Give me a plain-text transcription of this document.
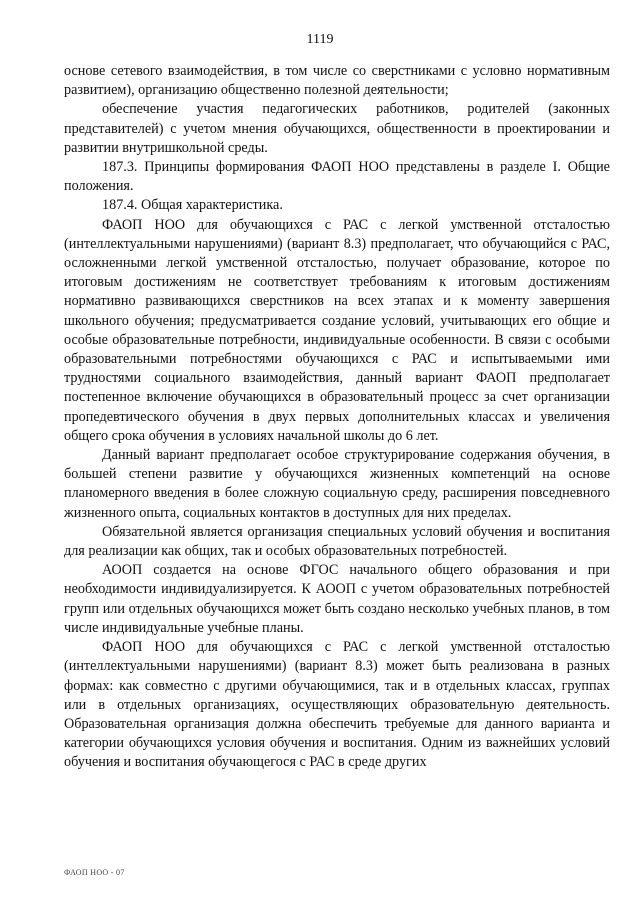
1119

основе сетевого взаимодействия, в том числе со сверстниками с условно нормативным развитием), организацию общественно полезной деятельности;

обеспечение участия педагогических работников, родителей (законных представителей) с учетом мнения обучающихся, общественности в проектировании и развитии внутришкольной среды.

187.3. Принципы формирования ФАОП НОО представлены в разделе I. Общие положения.

187.4. Общая характеристика.

ФАОП НОО для обучающихся с РАС с легкой умственной отсталостью (интеллектуальными нарушениями) (вариант 8.3) предполагает, что обучающийся с РАС, осложненными легкой умственной отсталостью, получает образование, которое по итоговым достижениям не соответствует требованиям к итоговым достижениям нормативно развивающихся сверстников на всех этапах и к моменту завершения школьного обучения; предусматривается создание условий, учитывающих его общие и особые образовательные потребности, индивидуальные особенности. В связи с особыми образовательными потребностями обучающихся с РАС и испытываемыми ими трудностями социального взаимодействия, данный вариант ФАОП предполагает постепенное включение обучающихся в образовательный процесс за счет организации пропедевтического обучения в двух первых дополнительных классах и увеличения общего срока обучения в условиях начальной школы до 6 лет.

Данный вариант предполагает особое структурирование содержания обучения, в большей степени развитие у обучающихся жизненных компетенций на основе планомерного введения в более сложную социальную среду, расширения повседневного жизненного опыта, социальных контактов в доступных для них пределах.

Обязательной является организация специальных условий обучения и воспитания для реализации как общих, так и особых образовательных потребностей.

АООП создается на основе ФГОС начального общего образования и при необходимости индивидуализируется. К АООП с учетом образовательных потребностей групп или отдельных обучающихся может быть создано несколько учебных планов, в том числе индивидуальные учебные планы.

ФАОП НОО для обучающихся с РАС с легкой умственной отсталостью (интеллектуальными нарушениями) (вариант 8.3) может быть реализована в разных формах: как совместно с другими обучающимися, так и в отдельных классах, группах или в отдельных организациях, осуществляющих образовательную деятельность. Образовательная организация должна обеспечить требуемые для данного варианта и категории обучающихся условия обучения и воспитания. Одним из важнейших условий обучения и воспитания обучающегося с РАС в среде других

ФАОП НОО - 07
